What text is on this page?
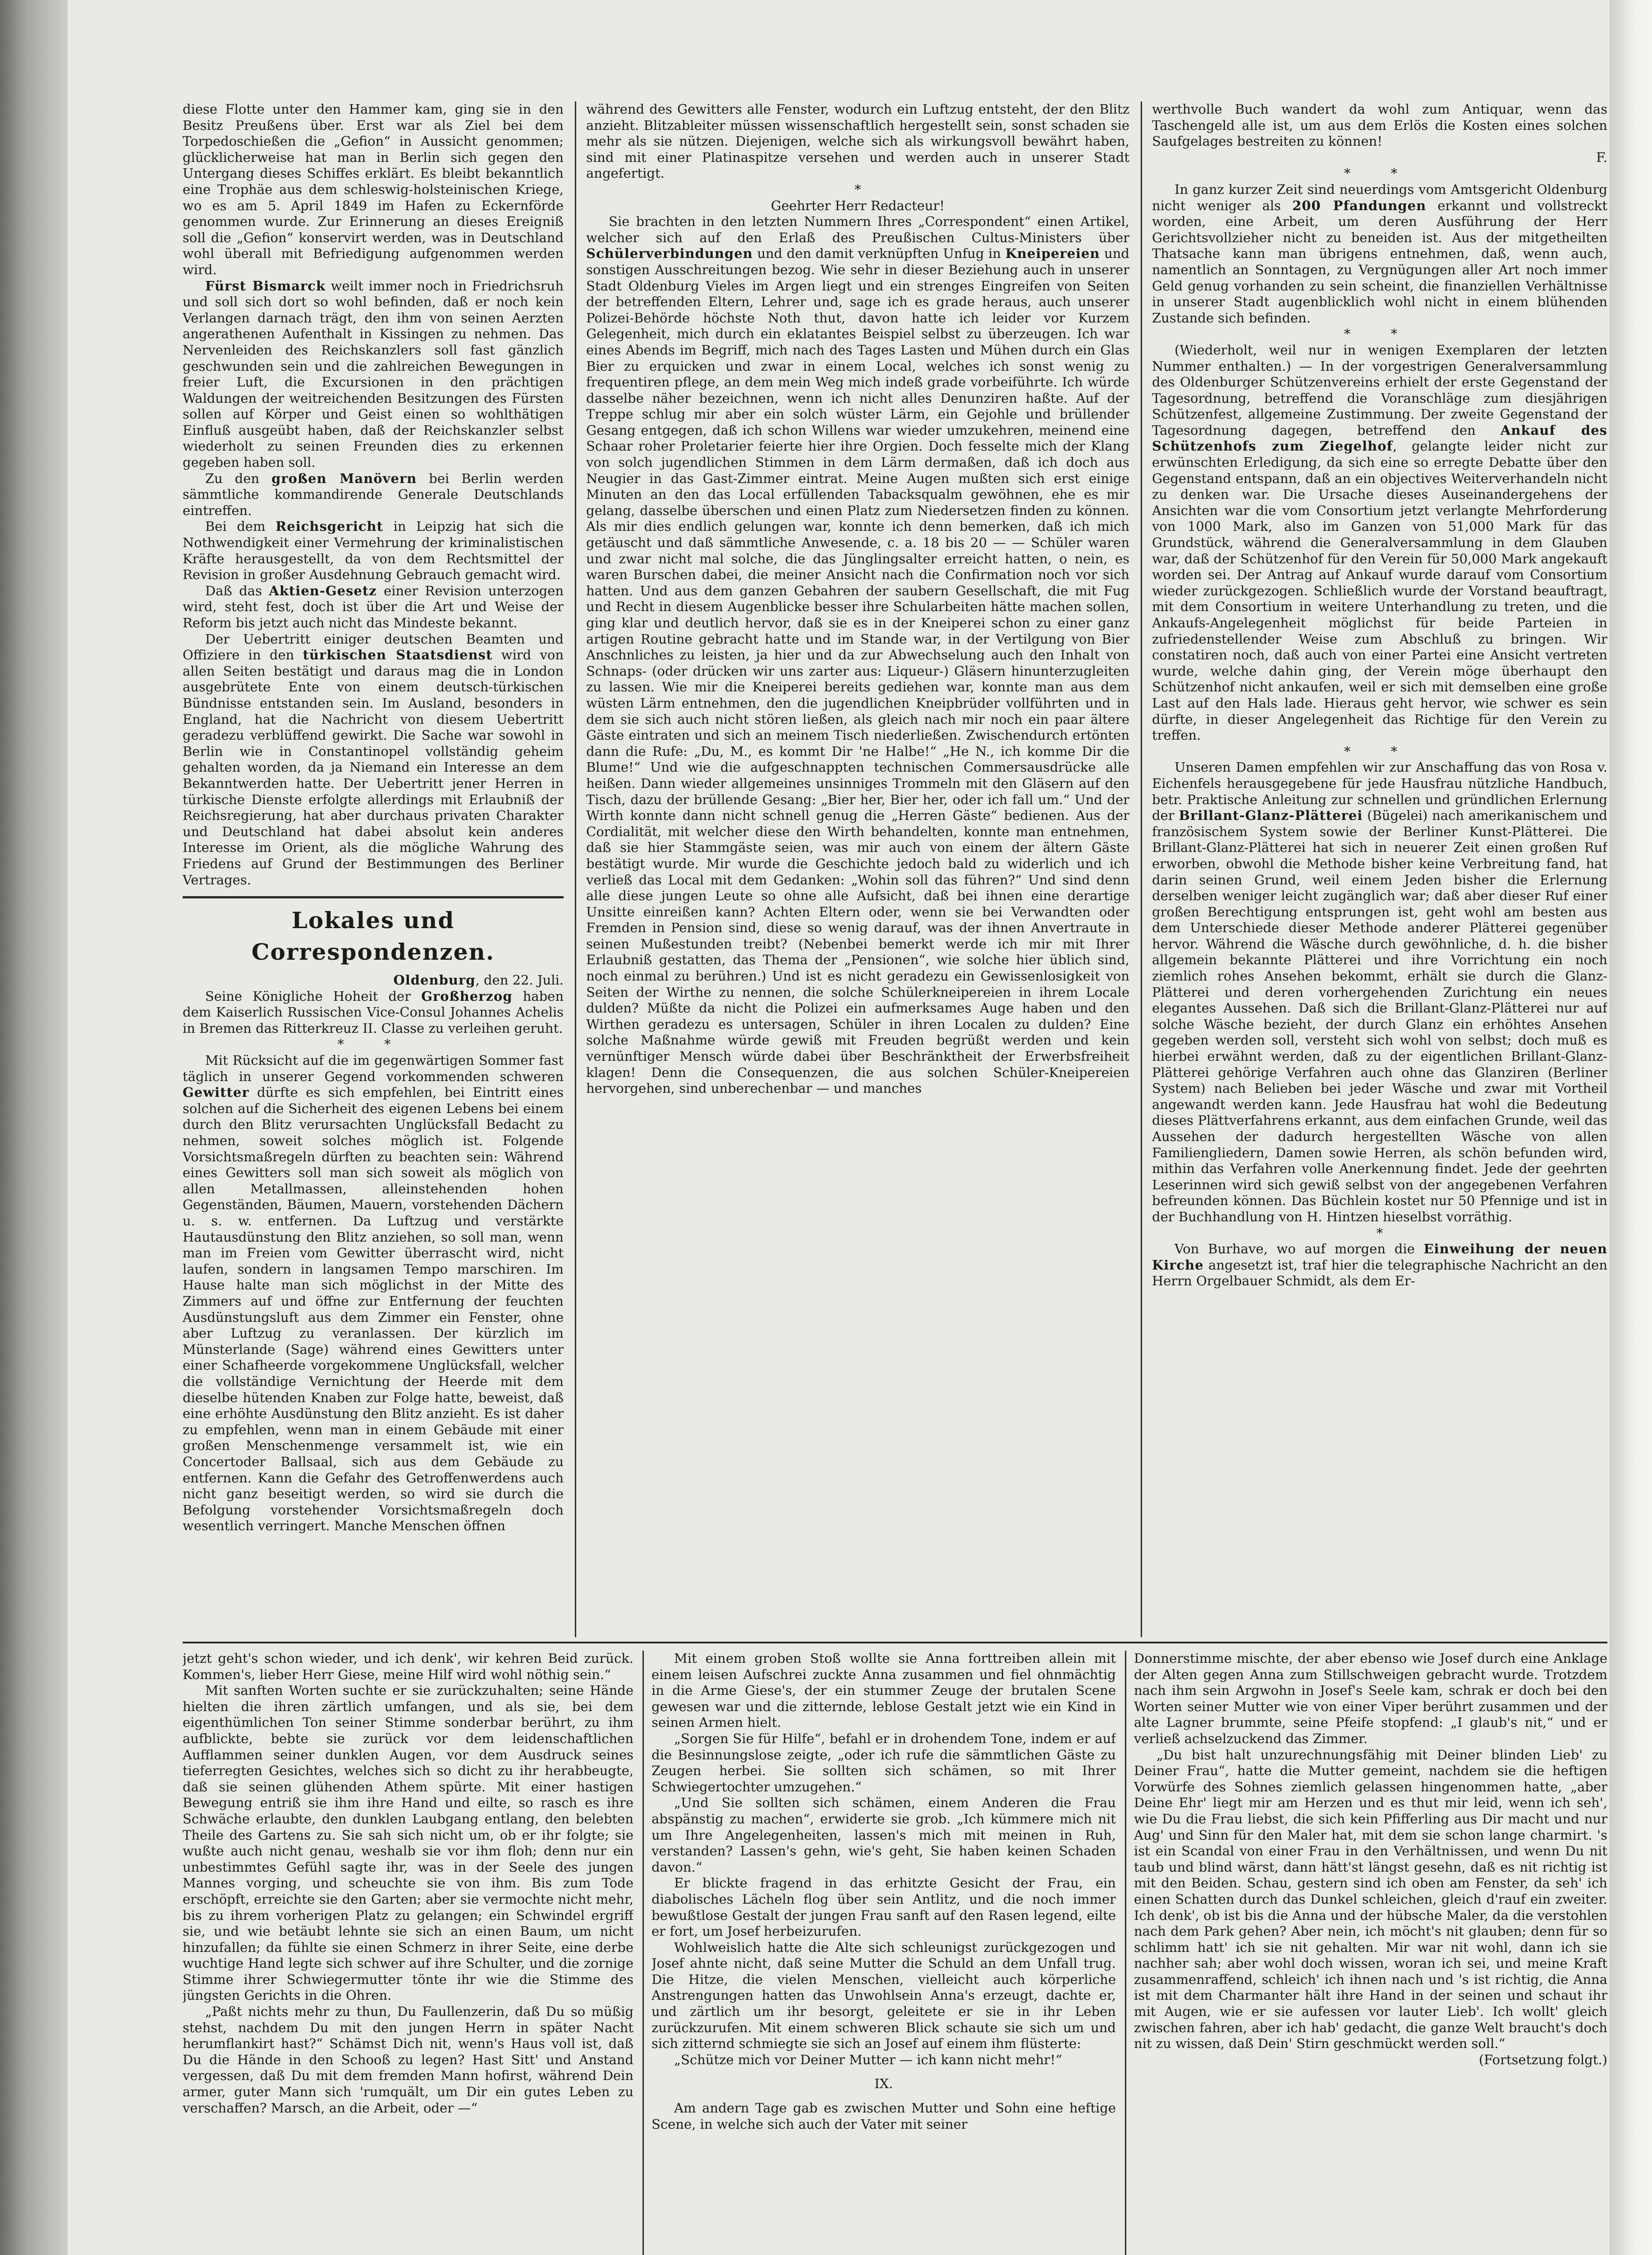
diese Flotte unter den Hammer kam, ging sie in den Besitz Preußens über. Erst war als Ziel bei dem Torpedoschießen die „Gefion“ in Aussicht genommen; glücklicherweise hat man in Berlin sich gegen den Untergang dieses Schiffes erklärt. Es bleibt bekanntlich eine Trophäe aus dem schleswig-holsteinischen Kriege, wo es am 5. April 1849 im Hafen zu Eckernförde genommen wurde. Zur Erinnerung an dieses Ereigniß soll die „Gefion“ konservirt werden, was in Deutschland wohl überall mit Befriedigung aufgenommen werden wird.

Fürst Bismarck weilt immer noch in Friedrichsruh und soll sich dort so wohl befinden, daß er noch kein Verlangen darnach trägt, den ihm von seinen Aerzten angerathenen Aufenthalt in Kissingen zu nehmen. Das Nervenleiden des Reichskanzlers soll fast gänzlich geschwunden sein und die zahlreichen Bewegungen in freier Luft, die Excursionen in den prächtigen Waldungen der weitreichenden Besitzungen des Fürsten sollen auf Körper und Geist einen so wohlthätigen Einfluß ausgeübt haben, daß der Reichskanzler selbst wiederholt zu seinen Freunden dies zu erkennen gegeben haben soll.

Zu den großen Manövern bei Berlin werden sämmtliche kommandirende Generale Deutschlands eintreffen.

Bei dem Reichsgericht in Leipzig hat sich die Nothwendigkeit einer Vermehrung der kriminalistischen Kräfte herausgestellt, da von dem Rechtsmittel der Revision in großer Ausdehnung Gebrauch gemacht wird.

Daß das Aktien-Gesetz einer Revision unterzogen wird, steht fest, doch ist über die Art und Weise der Reform bis jetzt auch nicht das Mindeste bekannt.

Der Uebertritt einiger deutschen Beamten und Offiziere in den türkischen Staatsdienst wird von allen Seiten bestätigt und daraus mag die in London ausgebrütete Ente von einem deutsch-türkischen Bündnisse entstanden sein. Im Ausland, besonders in England, hat die Nachricht von diesem Uebertritt geradezu verblüffend gewirkt. Die Sache war sowohl in Berlin wie in Constantinopel vollständig geheim gehalten worden, da ja Niemand ein Interesse an dem Bekanntwerden hatte. Der Uebertritt jener Herren in türkische Dienste erfolgte allerdings mit Erlaubniß der Reichsregierung, hat aber durchaus privaten Charakter und Deutschland hat dabei absolut kein anderes Interesse im Orient, als die mögliche Wahrung des Friedens auf Grund der Bestimmungen des Berliner Vertrages.

Lokales und Correspondenzen.

Oldenburg, den 22. Juli.

Seine Königliche Hoheit der Großherzog haben dem Kaiserlich Russischen Vice-Consul Johannes Achelis in Bremen das Ritterkreuz II. Classe zu verleihen geruht.

* *

Mit Rücksicht auf die im gegenwärtigen Sommer fast täglich in unserer Gegend vorkommenden schweren Gewitter dürfte es sich empfehlen, bei Eintritt eines solchen auf die Sicherheit des eigenen Lebens bei einem durch den Blitz verursachten Unglücksfall Bedacht zu nehmen, soweit solches möglich ist. Folgende Vorsichtsmaßregeln dürften zu beachten sein: Während eines Gewitters soll man sich soweit als möglich von allen Metallmassen, alleinstehenden hohen Gegenständen, Bäumen, Mauern, vorstehenden Dächern u. s. w. entfernen. Da Luftzug und verstärkte Hautausdünstung den Blitz anziehen, so soll man, wenn man im Freien vom Gewitter überrascht wird, nicht laufen, sondern in langsamen Tempo marschiren. Im Hause halte man sich möglichst in der Mitte des Zimmers auf und öffne zur Entfernung der feuchten Ausdünstungsluft aus dem Zimmer ein Fenster, ohne aber Luftzug zu veranlassen. Der kürzlich im Münsterlande (Sage) während eines Gewitters unter einer Schafheerde vorgekommene Unglücksfall, welcher die vollständige Vernichtung der Heerde mit dem dieselbe hütenden Knaben zur Folge hatte, beweist, daß eine erhöhte Ausdünstung den Blitz anzieht. Es ist daher zu empfehlen, wenn man in einem Gebäude mit einer großen Menschenmenge versammelt ist, wie ein Concertoder Ballsaal, sich aus dem Gebäude zu entfernen. Kann die Gefahr des Getroffenwerdens auch nicht ganz beseitigt werden, so wird sie durch die Befolgung vorstehender Vorsichtsmaßregeln doch wesentlich verringert. Manche Menschen öffnen

während des Gewitters alle Fenster, wodurch ein Luftzug entsteht, der den Blitz anzieht. Blitzableiter müssen wissenschaftlich hergestellt sein, sonst schaden sie mehr als sie nützen. Diejenigen, welche sich als wirkungsvoll bewährt haben, sind mit einer Platinaspitze versehen und werden auch in unserer Stadt angefertigt.

*

Geehrter Herr Redacteur!

Sie brachten in den letzten Nummern Ihres „Correspondent“ einen Artikel, welcher sich auf den Erlaß des Preußischen Cultus-Ministers über Schülerverbindungen und den damit verknüpften Unfug in Kneipereien und sonstigen Ausschreitungen bezog. Wie sehr in dieser Beziehung auch in unserer Stadt Oldenburg Vieles im Argen liegt und ein strenges Eingreifen von Seiten der betreffenden Eltern, Lehrer und, sage ich es grade heraus, auch unserer Polizei-Behörde höchste Noth thut, davon hatte ich leider vor Kurzem Gelegenheit, mich durch ein eklatantes Beispiel selbst zu überzeugen. Ich war eines Abends im Begriff, mich nach des Tages Lasten und Mühen durch ein Glas Bier zu erquicken und zwar in einem Local, welches ich sonst wenig zu frequentiren pflege, an dem mein Weg mich indeß grade vorbeiführte. Ich würde dasselbe näher bezeichnen, wenn ich nicht alles Denunziren haßte. Auf der Treppe schlug mir aber ein solch wüster Lärm, ein Gejohle und brüllender Gesang entgegen, daß ich schon Willens war wieder umzukehren, meinend eine Schaar roher Proletarier feierte hier ihre Orgien. Doch fesselte mich der Klang von solch jugendlichen Stimmen in dem Lärm dermaßen, daß ich doch aus Neugier in das Gast-Zimmer eintrat. Meine Augen mußten sich erst einige Minuten an den das Local erfüllenden Tabacksqualm gewöhnen, ehe es mir gelang, dasselbe überschen und einen Platz zum Niedersetzen finden zu können. Als mir dies endlich gelungen war, konnte ich denn bemerken, daß ich mich getäuscht und daß sämmtliche Anwesende, c. a. 18 bis 20 — — Schüler waren und zwar nicht mal solche, die das Jünglingsalter erreicht hatten, o nein, es waren Burschen dabei, die meiner Ansicht nach die Confirmation noch vor sich hatten. Und aus dem ganzen Gebahren der saubern Gesellschaft, die mit Fug und Recht in diesem Augenblicke besser ihre Schularbeiten hätte machen sollen, ging klar und deutlich hervor, daß sie es in der Kneiperei schon zu einer ganz artigen Routine gebracht hatte und im Stande war, in der Vertilgung von Bier Anschnliches zu leisten, ja hier und da zur Abwechselung auch den Inhalt von Schnaps- (oder drücken wir uns zarter aus: Liqueur-) Gläsern hinunterzugleiten zu lassen. Wie mir die Kneiperei bereits gediehen war, konnte man aus dem wüsten Lärm entnehmen, den die jugendlichen Kneipbrüder vollführten und in dem sie sich auch nicht stören ließen, als gleich nach mir noch ein paar ältere Gäste eintraten und sich an meinem Tisch niederließen. Zwischendurch ertönten dann die Rufe: „Du, M., es kommt Dir 'ne Halbe!“ „He N., ich komme Dir die Blume!“ Und wie die aufgeschnappten technischen Commersausdrücke alle heißen. Dann wieder allgemeines unsinniges Trommeln mit den Gläsern auf den Tisch, dazu der brüllende Gesang: „Bier her, Bier her, oder ich fall um.“ Und der Wirth konnte dann nicht schnell genug die „Herren Gäste“ bedienen. Aus der Cordialität, mit welcher diese den Wirth behandelten, konnte man entnehmen, daß sie hier Stammgäste seien, was mir auch von einem der ältern Gäste bestätigt wurde. Mir wurde die Geschichte jedoch bald zu widerlich und ich verließ das Local mit dem Gedanken: „Wohin soll das führen?“ Und sind denn alle diese jungen Leute so ohne alle Aufsicht, daß bei ihnen eine derartige Unsitte einreißen kann? Achten Eltern oder, wenn sie bei Verwandten oder Fremden in Pension sind, diese so wenig darauf, was der ihnen Anvertraute in seinen Mußestunden treibt? (Nebenbei bemerkt werde ich mir mit Ihrer Erlaubniß gestatten, das Thema der „Pensionen“, wie solche hier üblich sind, noch einmal zu berühren.) Und ist es nicht geradezu ein Gewissenlosigkeit von Seiten der Wirthe zu nennen, die solche Schülerkneipereien in ihrem Locale dulden? Müßte da nicht die Polizei ein aufmerksames Auge haben und den Wirthen geradezu es untersagen, Schüler in ihren Localen zu dulden? Eine solche Maßnahme würde gewiß mit Freuden begrüßt werden und kein vernünftiger Mensch würde dabei über Beschränktheit der Erwerbsfreiheit klagen! Denn die Consequenzen, die aus solchen Schüler-Kneipereien hervorgehen, sind unberechenbar — und manches

werthvolle Buch wandert da wohl zum Antiquar, wenn das Taschengeld alle ist, um aus dem Erlös die Kosten eines solchen Saufgelages bestreiten zu können!

F.

* *

In ganz kurzer Zeit sind neuerdings vom Amtsgericht Oldenburg nicht weniger als 200 Pfandungen erkannt und vollstreckt worden, eine Arbeit, um deren Ausführung der Herr Gerichtsvollzieher nicht zu beneiden ist. Aus der mitgetheilten Thatsache kann man übrigens entnehmen, daß, wenn auch, namentlich an Sonntagen, zu Vergnügungen aller Art noch immer Geld genug vorhanden zu sein scheint, die finanziellen Verhältnisse in unserer Stadt augenblicklich wohl nicht in einem blühenden Zustande sich befinden.

* *

(Wiederholt, weil nur in wenigen Exemplaren der letzten Nummer enthalten.) — In der vorgestrigen Generalversammlung des Oldenburger Schützenvereins erhielt der erste Gegenstand der Tagesordnung, betreffend die Voranschläge zum diesjährigen Schützenfest, allgemeine Zustimmung. Der zweite Gegenstand der Tagesordnung dagegen, betreffend den Ankauf des Schützenhofs zum Ziegelhof, gelangte leider nicht zur erwünschten Erledigung, da sich eine so erregte Debatte über den Gegenstand entspann, daß an ein objectives Weiterverhandeln nicht zu denken war. Die Ursache dieses Auseinandergehens der Ansichten war die vom Consortium jetzt verlangte Mehrforderung von 1000 Mark, also im Ganzen von 51,000 Mark für das Grundstück, während die Generalversammlung in dem Glauben war, daß der Schützenhof für den Verein für 50,000 Mark angekauft worden sei. Der Antrag auf Ankauf wurde darauf vom Consortium wieder zurückgezogen. Schließlich wurde der Vorstand beauftragt, mit dem Consortium in weitere Unterhandlung zu treten, und die Ankaufs-Angelegenheit möglichst für beide Parteien in zufriedenstellender Weise zum Abschluß zu bringen. Wir constatiren noch, daß auch von einer Partei eine Ansicht vertreten wurde, welche dahin ging, der Verein möge überhaupt den Schützenhof nicht ankaufen, weil er sich mit demselben eine große Last auf den Hals lade. Hieraus geht hervor, wie schwer es sein dürfte, in dieser Angelegenheit das Richtige für den Verein zu treffen.

* *

Unseren Damen empfehlen wir zur Anschaffung das von Rosa v. Eichenfels herausgegebene für jede Hausfrau nützliche Handbuch, betr. Praktische Anleitung zur schnellen und gründlichen Erlernung der Brillant-Glanz-Plätterei (Bügelei) nach amerikanischem und französischem System sowie der Berliner Kunst-Plätterei. Die Brillant-Glanz-Plätterei hat sich in neuerer Zeit einen großen Ruf erworben, obwohl die Methode bisher keine Verbreitung fand, hat darin seinen Grund, weil einem Jeden bisher die Erlernung derselben weniger leicht zugänglich war; daß aber dieser Ruf einer großen Berechtigung entsprungen ist, geht wohl am besten aus dem Unterschiede dieser Methode anderer Plätterei gegenüber hervor. Während die Wäsche durch gewöhnliche, d. h. die bisher allgemein bekannte Plätterei und ihre Vorrichtung ein noch ziemlich rohes Ansehen bekommt, erhält sie durch die Glanz-Plätterei und deren vorhergehenden Zurichtung ein neues elegantes Aussehen. Daß sich die Brillant-Glanz-Plätterei nur auf solche Wäsche bezieht, der durch Glanz ein erhöhtes Ansehen gegeben werden soll, versteht sich wohl von selbst; doch muß es hierbei erwähnt werden, daß zu der eigentlichen Brillant-Glanz-Plätterei gehörige Verfahren auch ohne das Glanziren (Berliner System) nach Belieben bei jeder Wäsche und zwar mit Vortheil angewandt werden kann. Jede Hausfrau hat wohl die Bedeutung dieses Plättverfahrens erkannt, aus dem einfachen Grunde, weil das Aussehen der dadurch hergestellten Wäsche von allen Familiengliedern, Damen sowie Herren, als schön befunden wird, mithin das Verfahren volle Anerkennung findet. Jede der geehrten Leserinnen wird sich gewiß selbst von der angegebenen Verfahren befreunden können. Das Büchlein kostet nur 50 Pfennige und ist in der Buchhandlung von H. Hintzen hieselbst vorräthig.

*

Von Burhave, wo auf morgen die Einweihung der neuen Kirche angesetzt ist, traf hier die telegraphische Nachricht an den Herrn Orgelbauer Schmidt, als dem Er-

jetzt geht's schon wieder, und ich denk', wir kehren Beid zurück. Kommen's, lieber Herr Giese, meine Hilf wird wohl nöthig sein.“

Mit sanften Worten suchte er sie zurückzuhalten; seine Hände hielten die ihren zärtlich umfangen, und als sie, bei dem eigenthümlichen Ton seiner Stimme sonderbar berührt, zu ihm aufblickte, bebte sie zurück vor dem leidenschaftlichen Aufflammen seiner dunklen Augen, vor dem Ausdruck seines tieferregten Gesichtes, welches sich so dicht zu ihr herabbeugte, daß sie seinen glühenden Athem spürte. Mit einer hastigen Bewegung entriß sie ihm ihre Hand und eilte, so rasch es ihre Schwäche erlaubte, den dunklen Laubgang entlang, den belebten Theile des Gartens zu. Sie sah sich nicht um, ob er ihr folgte; sie wußte auch nicht genau, weshalb sie vor ihm floh; denn nur ein unbestimmtes Gefühl sagte ihr, was in der Seele des jungen Mannes vorging, und scheuchte sie von ihm. Bis zum Tode erschöpft, erreichte sie den Garten; aber sie vermochte nicht mehr, bis zu ihrem vorherigen Platz zu gelangen; ein Schwindel ergriff sie, und wie betäubt lehnte sie sich an einen Baum, um nicht hinzufallen; da fühlte sie einen Schmerz in ihrer Seite, eine derbe wuchtige Hand legte sich schwer auf ihre Schulter, und die zornige Stimme ihrer Schwiegermutter tönte ihr wie die Stimme des jüngsten Gerichts in die Ohren.

„Paßt nichts mehr zu thun, Du Faullenzerin, daß Du so müßig stehst, nachdem Du mit den jungen Herrn in später Nacht herumflankirt hast?“ Schämst Dich nit, wenn's Haus voll ist, daß Du die Hände in den Schooß zu legen? Hast Sitt' und Anstand vergessen, daß Du mit dem fremden Mann hofirst, während Dein armer, guter Mann sich 'rumquält, um Dir ein gutes Leben zu verschaffen? Marsch, an die Arbeit, oder —“

Mit einem groben Stoß wollte sie Anna forttreiben allein mit einem leisen Aufschrei zuckte Anna zusammen und fiel ohnmächtig in die Arme Giese's, der ein stummer Zeuge der brutalen Scene gewesen war und die zitternde, leblose Gestalt jetzt wie ein Kind in seinen Armen hielt.

„Sorgen Sie für Hilfe“, befahl er in drohendem Tone, indem er auf die Besinnungslose zeigte, „oder ich rufe die sämmtlichen Gäste zu Zeugen herbei. Sie sollten sich schämen, so mit Ihrer Schwiegertochter umzugehen.“

„Und Sie sollten sich schämen, einem Anderen die Frau abspänstig zu machen“, erwiderte sie grob. „Ich kümmere mich nit um Ihre Angelegenheiten, lassen's mich mit meinen in Ruh, verstanden? Lassen's gehn, wie's geht, Sie haben keinen Schaden davon.“

Er blickte fragend in das erhitzte Gesicht der Frau, ein diabolisches Lächeln flog über sein Antlitz, und die noch immer bewußtlose Gestalt der jungen Frau sanft auf den Rasen legend, eilte er fort, um Josef herbeizurufen.

Wohlweislich hatte die Alte sich schleunigst zurückgezogen und Josef ahnte nicht, daß seine Mutter die Schuld an dem Unfall trug. Die Hitze, die vielen Menschen, vielleicht auch körperliche Anstrengungen hatten das Unwohlsein Anna's erzeugt, dachte er, und zärtlich um ihr besorgt, geleitete er sie in ihr Leben zurückzurufen. Mit einem schweren Blick schaute sie sich um und sich zitternd schmiegte sie sich an Josef auf einem ihm flüsterte:

„Schütze mich vor Deiner Mutter — ich kann nicht mehr!“

IX.

Am andern Tage gab es zwischen Mutter und Sohn eine heftige Scene, in welche sich auch der Vater mit seiner

Donnerstimme mischte, der aber ebenso wie Josef durch eine Anklage der Alten gegen Anna zum Stillschweigen gebracht wurde. Trotzdem nach ihm sein Argwohn in Josef's Seele kam, schrak er doch bei den Worten seiner Mutter wie von einer Viper berührt zusammen und der alte Lagner brummte, seine Pfeife stopfend: „I glaub's nit,“ und er verließ achselzuckend das Zimmer.

„Du bist halt unzurechnungsfähig mit Deiner blinden Lieb' zu Deiner Frau“, hatte die Mutter gemeint, nachdem sie die heftigen Vorwürfe des Sohnes ziemlich gelassen hingenommen hatte, „aber Deine Ehr' liegt mir am Herzen und es thut mir leid, wenn ich seh', wie Du die Frau liebst, die sich kein Pfifferling aus Dir macht und nur Aug' und Sinn für den Maler hat, mit dem sie schon lange charmirt. 's ist ein Scandal von einer Frau in den Verhältnissen, und wenn Du nit taub und blind wärst, dann hätt'st längst gesehn, daß es nit richtig ist mit den Beiden. Schau, gestern sind ich oben am Fenster, da seh' ich einen Schatten durch das Dunkel schleichen, gleich d'rauf ein zweiter. Ich denk', ob ist bis die Anna und der hübsche Maler, da die verstohlen nach dem Park gehen? Aber nein, ich möcht's nit glauben; denn für so schlimm hatt' ich sie nit gehalten. Mir war nit wohl, dann ich sie nachher sah; aber wohl doch wissen, woran ich sei, und meine Kraft zusammenraffend, schleich' ich ihnen nach und 's ist richtig, die Anna ist mit dem Charmanter hält ihre Hand in der seinen und schaut ihr mit Augen, wie er sie aufessen vor lauter Lieb'. Ich wollt' gleich zwischen fahren, aber ich hab' gedacht, die ganze Welt braucht's doch nit zu wissen, daß Dein' Stirn geschmückt werden soll.“

(Fortsetzung folgt.)
